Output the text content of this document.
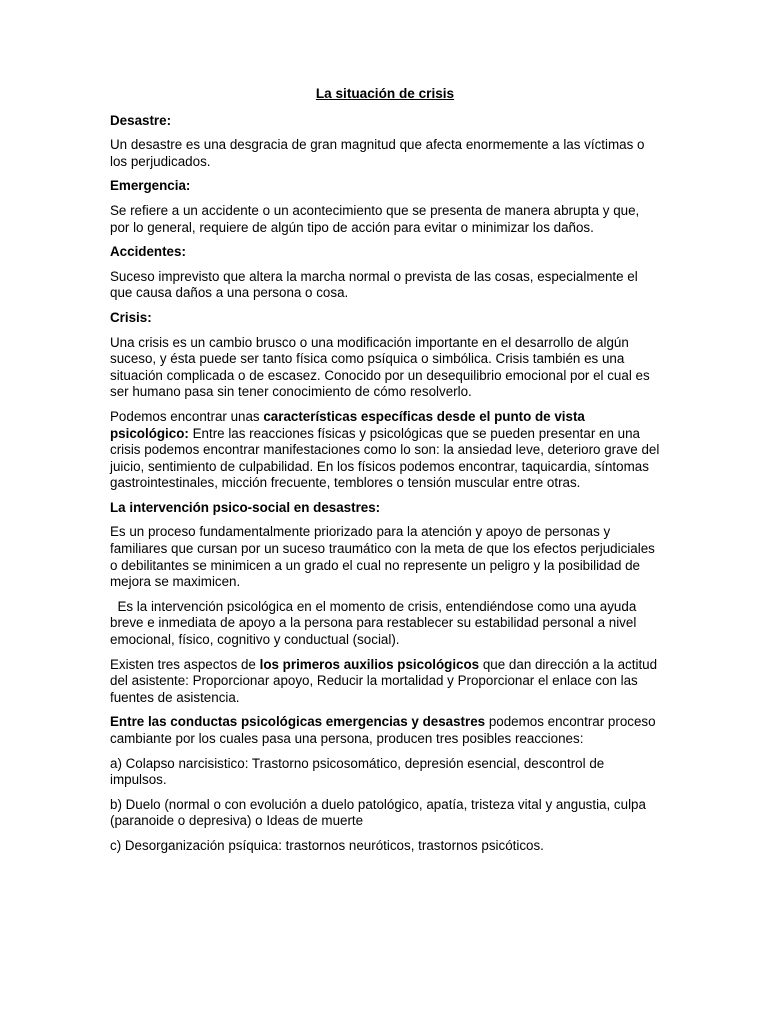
La situación de crisis
Desastre:
Un desastre es una desgracia de gran magnitud que afecta enormemente a las víctimas o los perjudicados.
Emergencia:
Se refiere a un accidente o un acontecimiento que se presenta de manera abrupta y que, por lo general, requiere de algún tipo de acción para evitar o minimizar los daños.
Accidentes:
Suceso imprevisto que altera la marcha normal o prevista de las cosas, especialmente el que causa daños a una persona o cosa.
Crisis:
Una crisis es un cambio brusco o una modificación importante en el desarrollo de algún suceso, y ésta puede ser tanto física como psíquica o simbólica. Crisis también es una situación complicada o de escasez. Conocido por un desequilibrio emocional por el cual es ser humano pasa sin tener conocimiento de cómo resolverlo.
Podemos encontrar unas características específicas desde el punto de vista psicológico: Entre las reacciones físicas y psicológicas que se pueden presentar en una crisis podemos encontrar manifestaciones como lo son: la ansiedad leve, deterioro grave del juicio, sentimiento de culpabilidad. En los físicos podemos encontrar, taquicardia, síntomas gastrointestinales, micción frecuente, temblores o tensión muscular entre otras.
La intervención psico-social en desastres:
Es un proceso fundamentalmente priorizado para la atención y apoyo de personas y familiares que cursan por un suceso traumático con la meta de que los efectos perjudiciales o debilitantes se minimicen a un grado el cual no represente un peligro y la posibilidad de mejora se maximicen.
Es la intervención psicológica en el momento de crisis, entendiéndose como una ayuda breve e inmediata de apoyo a la persona para restablecer su estabilidad personal a nivel emocional, físico, cognitivo y conductual (social).
Existen tres aspectos de los primeros auxilios psicológicos que dan dirección a la actitud del asistente: Proporcionar apoyo, Reducir la mortalidad y Proporcionar el enlace con las fuentes de asistencia.
Entre las conductas psicológicas emergencias y desastres podemos encontrar proceso cambiante por los cuales pasa una persona, producen tres posibles reacciones:
a) Colapso narcisistico: Trastorno psicosomático, depresión esencial, descontrol de impulsos.
b) Duelo (normal o con evolución a duelo patológico, apatía, tristeza vital y angustia, culpa (paranoide o depresiva) o Ideas de muerte
c) Desorganización psíquica: trastornos neuróticos, trastornos psicóticos.
